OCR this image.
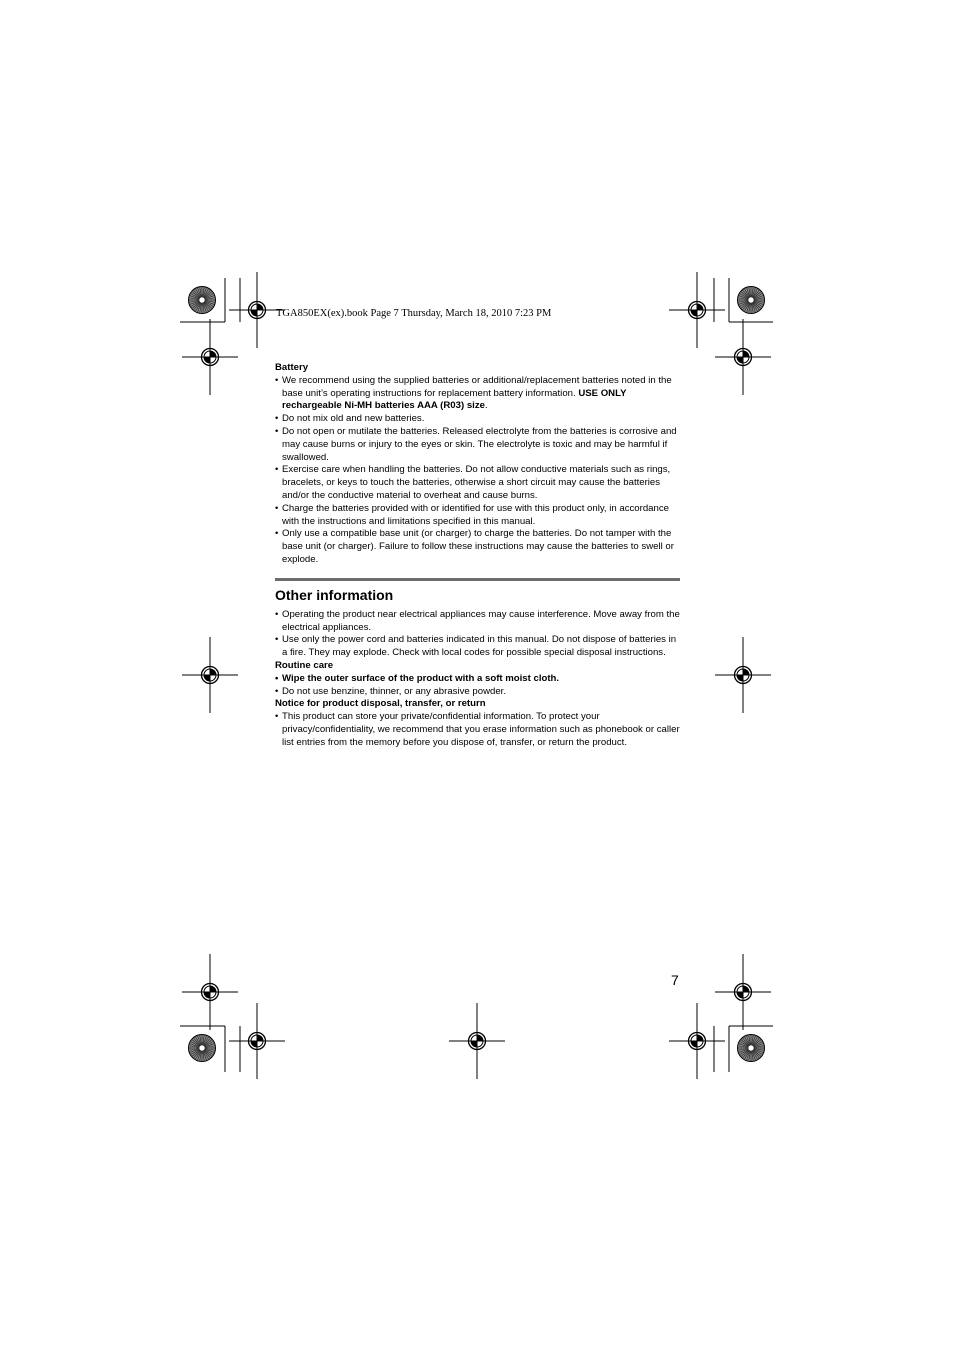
TGA850EX(ex).book Page 7 Thursday, March 18, 2010 7:23 PM

Battery

• We recommend using the supplied batteries or additional/replacement batteries noted in the base unit’s operating instructions for replacement battery information. USE ONLY rechargeable Ni-MH batteries AAA (R03) size.
• Do not mix old and new batteries.
• Do not open or mutilate the batteries. Released electrolyte from the batteries is corrosive and may cause burns or injury to the eyes or skin. The electrolyte is toxic and may be harmful if swallowed.
• Exercise care when handling the batteries. Do not allow conductive materials such as rings, bracelets, or keys to touch the batteries, otherwise a short circuit may cause the batteries and/or the conductive material to overheat and cause burns.
• Charge the batteries provided with or identified for use with this product only, in accordance with the instructions and limitations specified in this manual.
• Only use a compatible base unit (or charger) to charge the batteries. Do not tamper with the base unit (or charger). Failure to follow these instructions may cause the batteries to swell or explode.
Other information
• Operating the product near electrical appliances may cause interference. Move away from the electrical appliances.
• Use only the power cord and batteries indicated in this manual. Do not dispose of batteries in a fire. They may explode. Check with local codes for possible special disposal instructions.

Routine care

• Wipe the outer surface of the product with a soft moist cloth.
• Do not use benzine, thinner, or any abrasive powder.

Notice for product disposal, transfer, or return

• This product can store your private/confidential information. To protect your privacy/confidentiality, we recommend that you erase information such as phonebook or caller list entries from the memory before you dispose of, transfer, or return the product.

7
